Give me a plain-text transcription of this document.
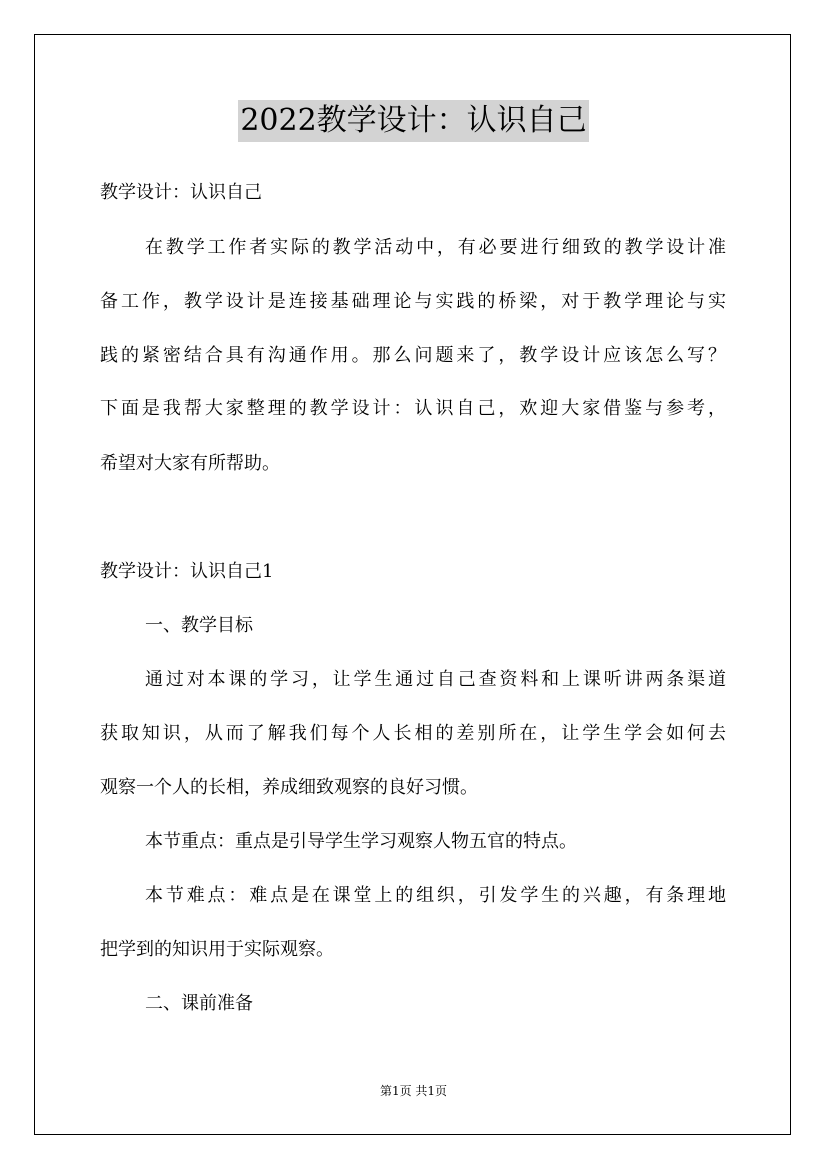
2022教学设计：认识自己
教学设计：认识自己
在教学工作者实际的教学活动中，有必要进行细致的教学设计准
备工作，教学设计是连接基础理论与实践的桥梁，对于教学理论与实
践的紧密结合具有沟通作用。那么问题来了，教学设计应该怎么写？
下面是我帮大家整理的教学设计：认识自己，欢迎大家借鉴与参考，
希望对大家有所帮助。
教学设计：认识自己1
一、教学目标
通过对本课的学习，让学生通过自己查资料和上课听讲两条渠道
获取知识，从而了解我们每个人长相的差别所在，让学生学会如何去
观察一个人的长相，养成细致观察的良好习惯。
本节重点：重点是引导学生学习观察人物五官的特点。
本节难点：难点是在课堂上的组织，引发学生的兴趣，有条理地
把学到的知识用于实际观察。
二、课前准备
第1页 共1页
